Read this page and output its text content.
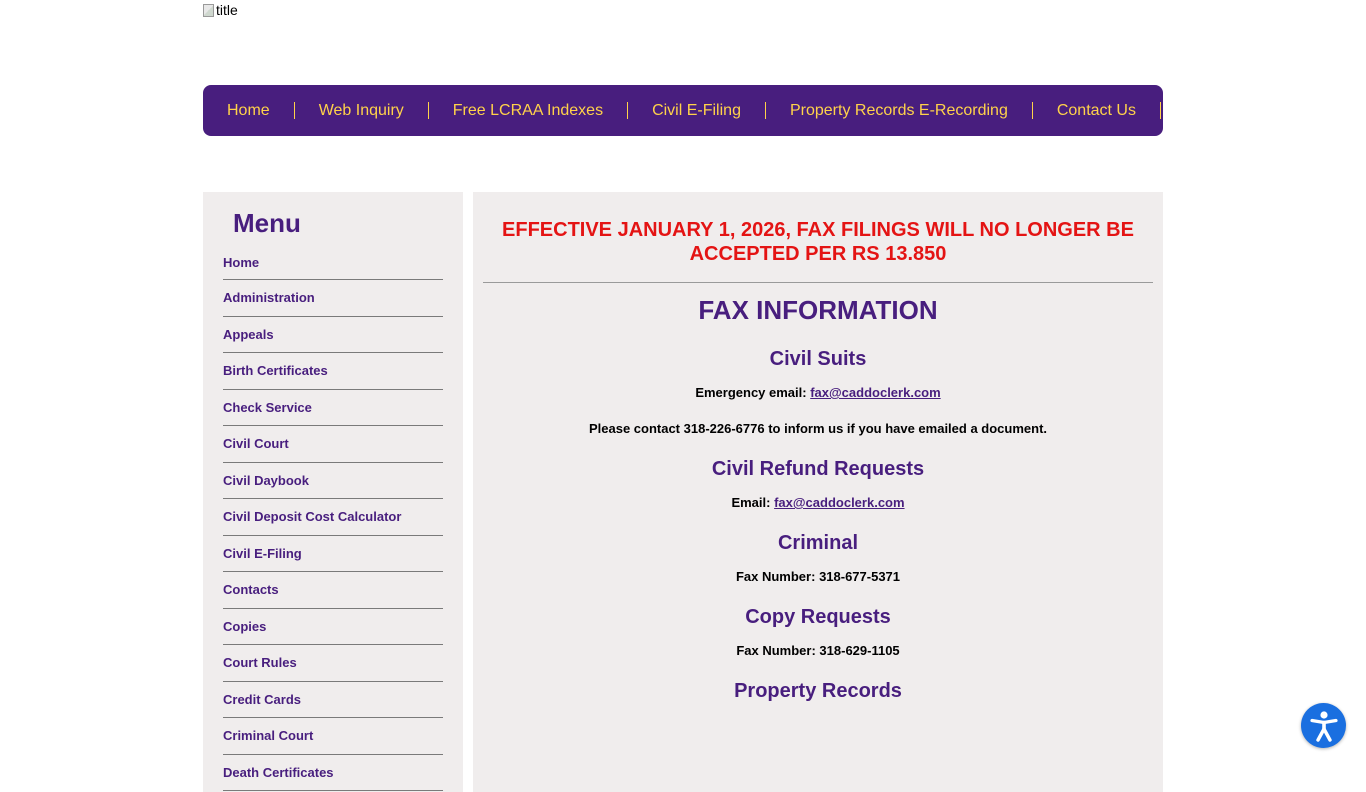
title
Home	Web Inquiry	Free LCRAA Indexes	Civil E-Filing	Property Records E-Recording	Contact Us
Menu
Home
Administration
Appeals
Birth Certificates
Check Service
Civil Court
Civil Daybook
Civil Deposit Cost Calculator
Civil E-Filing
Contacts
Copies
Court Rules
Credit Cards
Criminal Court
Death Certificates
EFFECTIVE JANUARY 1, 2026, FAX FILINGS WILL NO LONGER BE ACCEPTED PER RS 13.850
FAX INFORMATION
Civil Suits

Emergency email: fax@caddoclerk.com

Please contact 318-226-6776 to inform us if you have emailed a document.

Civil Refund Requests

Email: fax@caddoclerk.com

Criminal

Fax Number: 318-677-5371

Copy Requests

Fax Number: 318-629-1105

Property Records
